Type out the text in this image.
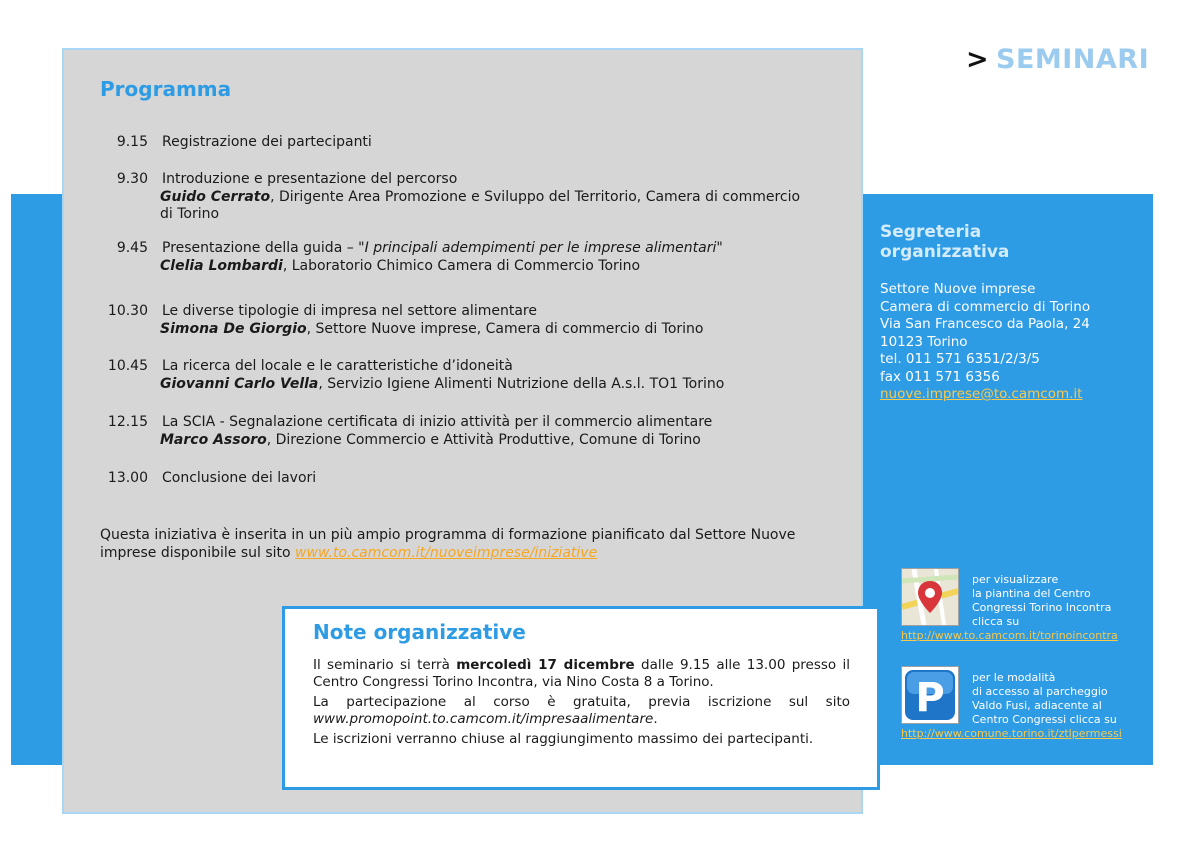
> SEMINARI
Programma
9.15 Registrazione dei partecipanti
9.30 Introduzione e presentazione del percorso
Guido Cerrato, Dirigente Area Promozione e Sviluppo del Territorio, Camera di commercio
di Torino
9.45 Presentazione della guida – "I principali adempimenti per le imprese alimentari"
Clelia Lombardi, Laboratorio Chimico Camera di Commercio Torino
10.30 Le diverse tipologie di impresa nel settore alimentare
Simona De Giorgio, Settore Nuove imprese, Camera di commercio di Torino
10.45 La ricerca del locale e le caratteristiche d’idoneità
Giovanni Carlo Vella, Servizio Igiene Alimenti Nutrizione della A.s.l. TO1 Torino
12.15 La SCIA - Segnalazione certificata di inizio attività per il commercio alimentare
Marco Assoro, Direzione Commercio e Attività Produttive, Comune di Torino
13.00 Conclusione dei lavori
Questa iniziativa è inserita in un più ampio programma di formazione pianificato dal Settore Nuove
imprese disponibile sul sito www.to.camcom.it/nuoveimprese/iniziative
Note organizzative

Il seminario si terrà mercoledì 17 dicembre dalle 9.15 alle 13.00 presso il Centro Congressi Torino Incontra, via Nino Costa 8 a Torino.

La partecipazione al corso è gratuita, previa iscrizione sul sito www.promopoint.to.camcom.it/impresaalimentare.

Le iscrizioni verranno chiuse al raggiungimento massimo dei partecipanti.

Segreteria
organizzativa
Settore Nuove imprese
Camera di commercio di Torino
Via San Francesco da Paola, 24
10123 Torino
tel. 011 571 6351/2/3/5
fax 011 571 6356
nuove.imprese@to.camcom.it
per visualizzare
la piantina del Centro
Congressi Torino Incontra
clicca su
http://www.to.camcom.it/torinoincontra
P per le modalità
di accesso al parcheggio
Valdo Fusi, adiacente al
Centro Congressi clicca su
http://www.comune.torino.it/ztlpermessi
